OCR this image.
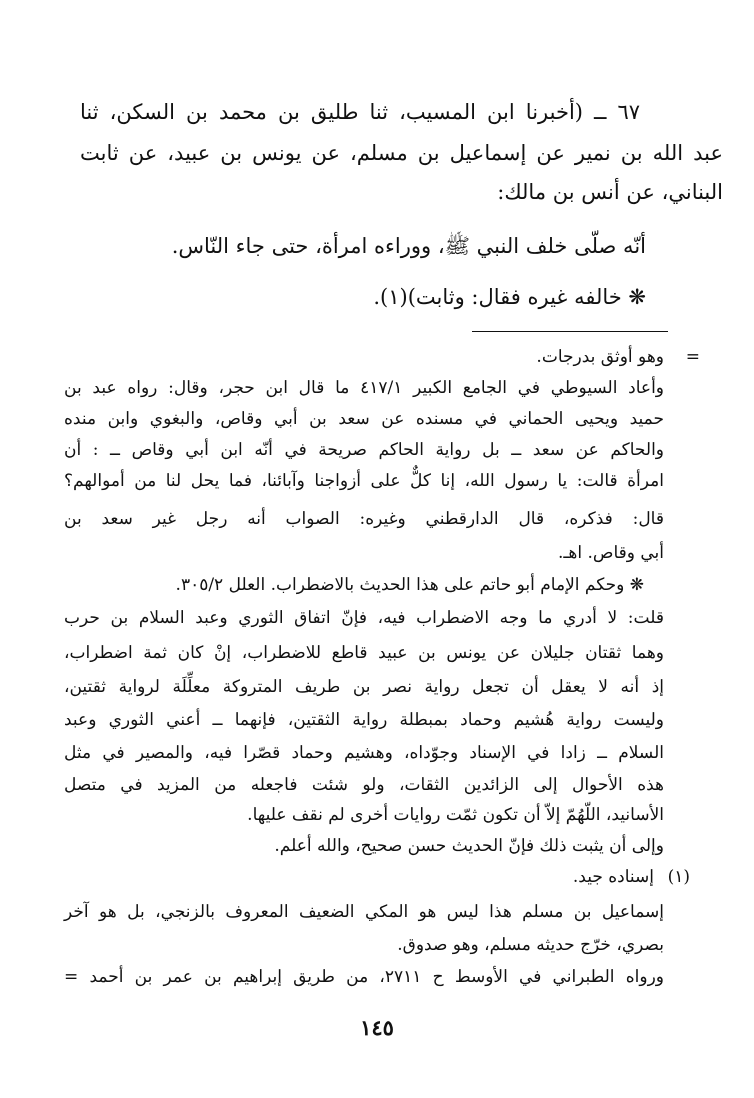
٦٧ ــ (أخبرنا ابن المسيب، ثنا طليق بن محمد بن السكن، ثنا
عبد الله بن نمير عن إسماعيل بن مسلم، عن يونس بن عبيد، عن ثابت
البناني، عن أنس بن مالك:
أنّه صلّى خلف النبي ﷺ، ووراءه امرأة، حتى جاء النّاس.
❋ خالفه غيره فقال: وثابت)(١).
=
وهو أوثق بدرجات.
وأعاد السيوطي في الجامع الكبير ٤١٧/١ ما قال ابن حجر، وقال: رواه عبد بن
حميد ويحيى الحماني في مسنده عن سعد بن أبي وقاص، والبغوي وابن منده
والحاكم عن سعد ــ بل رواية الحاكم صريحة في أنّه ابن أبي وقاص ــ : أن
امرأة قالت: يا رسول الله، إنا كلٌّ على أزواجنا وآبائنا، فما يحل لنا من أموالهم؟
قال: فذكره، قال الدارقطني وغيره: الصواب أنه رجل غير سعد بن
أبي وقاص. اهـ.
❋ وحكم الإمام أبو حاتم على هذا الحديث بالاضطراب. العلل ٣٠٥/٢.
قلت: لا أدري ما وجه الاضطراب فيه، فإنّ اتفاق الثوري وعبد السلام بن حرب
وهما ثقتان جليلان عن يونس بن عبيد قاطع للاضطراب، إنْ كان ثمة اضطراب،
إذ أنه لا يعقل أن تجعل رواية نصر بن طريف المتروكة معلِّلَة لرواية ثقتين،
وليست رواية هُشيم وحماد بمبطلة رواية الثقتين، فإنهما ــ أعني الثوري وعبد
السلام ــ زادا في الإسناد وجوّداه، وهشيم وحماد قصّرا فيه، والمصير في مثل
هذه الأحوال إلى الزائدين الثقات، ولو شئت فاجعله من المزيد في متصل
الأسانيد، اللّهُمّ إلاّ أن تكون ثمّت روايات أخرى لم نقف عليها.
وإلى أن يثبت ذلك فإنّ الحديث حسن صحيح، والله أعلم.
(١)
إسناده جيد.
إسماعيل بن مسلم هذا ليس هو المكي الضعيف المعروف بالزنجي، بل هو آخر
بصري، خرّج حديثه مسلم، وهو صدوق.
ورواه الطبراني في الأوسط ح ٢٧١١، من طريق إبراهيم بن عمر بن أحمد =
١٤٥
